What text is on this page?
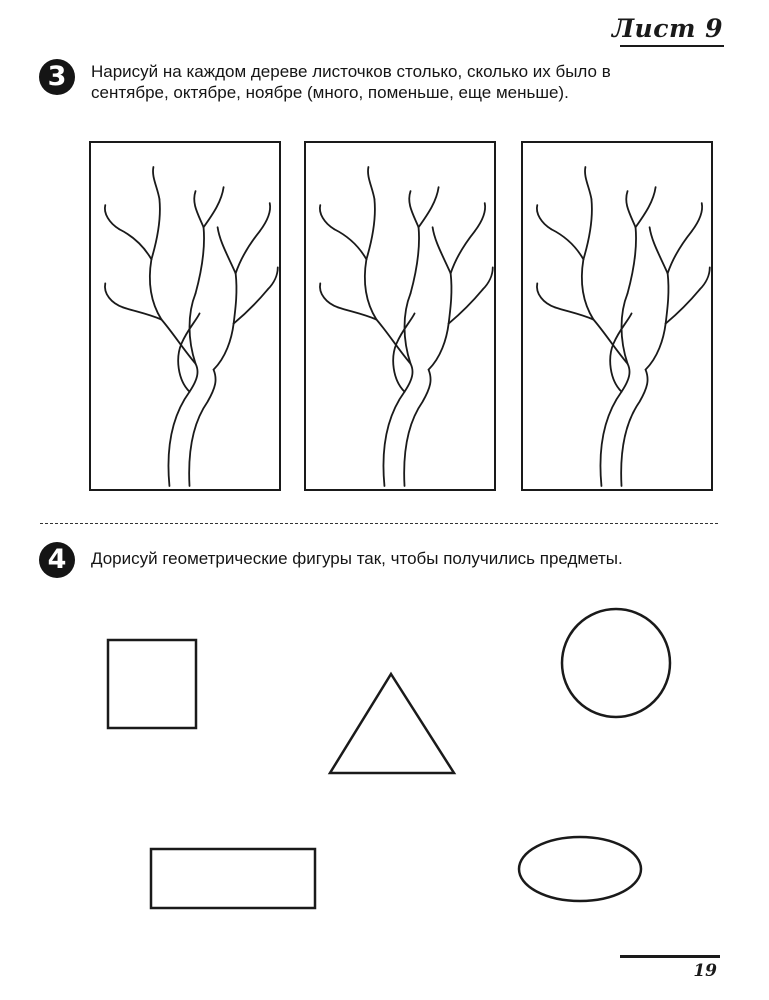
Лист 9
3	Нарисуй на каждом дереве листочков столько, сколько их было в
сентябре, октябре, ноябре (много, поменьше, еще меньше).
4	Дорисуй геометрические фигуры так, чтобы получились предметы.
19
